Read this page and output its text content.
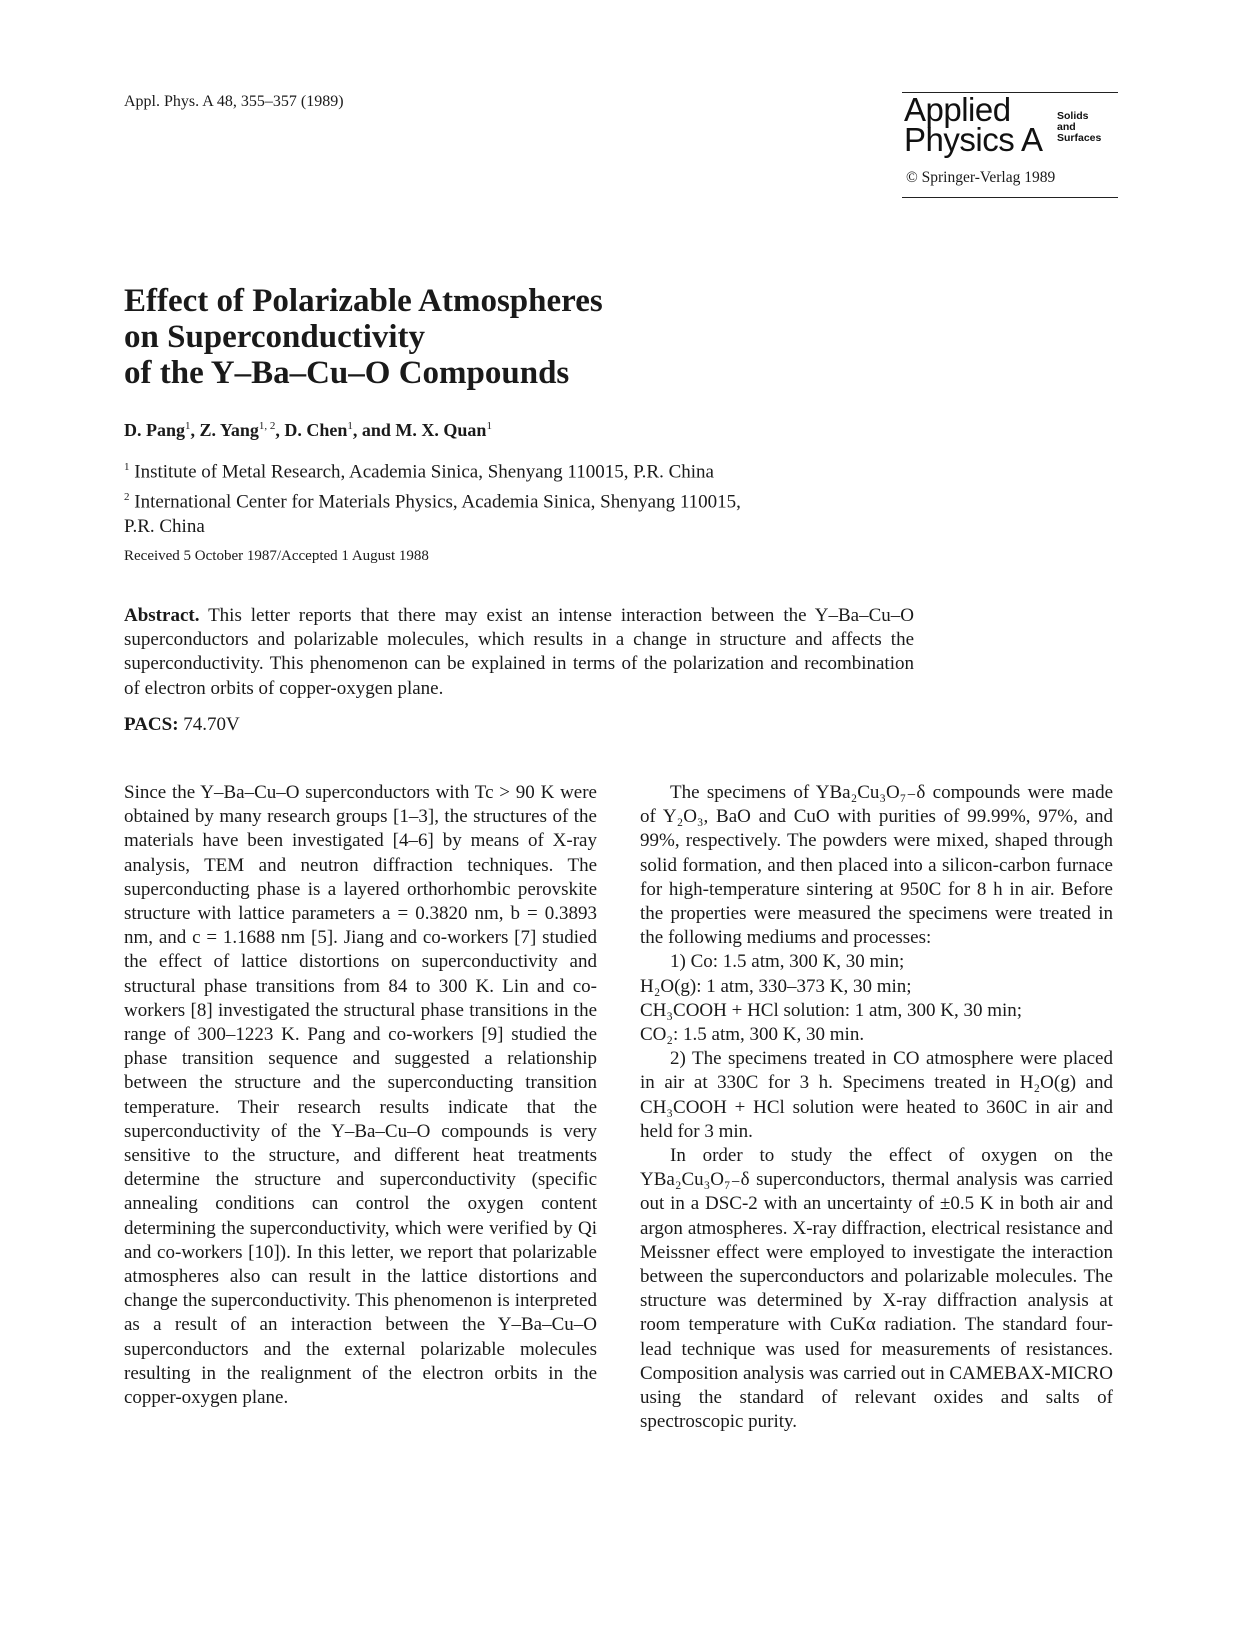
Appl. Phys. A 48, 355–357 (1989)	Applied
Physics A
Solids
and
Surfaces
© Springer-Verlag 1989
Effect of Polarizable Atmospheres
on Superconductivity
of the Y–Ba–Cu–O Compounds
D. Pang$^1$, Z. Yang$^{1, 2}$, D. Chen$^1$, and M. X. Quan$^1$
$^1$ Institute of Metal Research, Academia Sinica, Shenyang 110015, P.R. China
$^2$ International Center for Materials Physics, Academia Sinica, Shenyang 110015,
P.R. China
Received 5 October 1987/Accepted 1 August 1988

Abstract. This letter reports that there may exist an intense interaction between the Y–Ba–Cu–O superconductors and polarizable molecules, which results in a change in structure and affects the superconductivity. This phenomenon can be explained in terms of the polarization and recombination of electron orbits of copper-oxygen plane.

PACS: 74.70V

Since the Y–Ba–Cu–O superconductors with Tc > 90 K were obtained by many research groups [1–3], the structures of the materials have been investigated [4–6] by means of X-ray analysis, TEM and neutron diffraction techniques. The superconducting phase is a layered orthorhombic perovskite structure with lattice parameters a = 0.3820 nm, b = 0.3893 nm, and c = 1.1688 nm [5]. Jiang and co-workers [7] studied the effect of lattice distortions on superconductivity and structural phase transitions from 84 to 300 K. Lin and co-workers [8] investigated the structural phase transitions in the range of 300–1223 K. Pang and co-workers [9] studied the phase transition sequence and suggested a relationship between the structure and the superconducting transition temperature. Their research results indicate that the superconductivity of the Y–Ba–Cu–O compounds is very sensitive to the structure, and different heat treatments determine the structure and superconductivity (specific annealing conditions can control the oxygen content determining the superconductivity, which were verified by Qi and co-workers [10]). In this letter, we report that polarizable atmospheres also can result in the lattice distortions and change the superconductivity. This phenomenon is interpreted as a result of an interaction between the Y–Ba–Cu–O superconductors and the external polarizable molecules resulting in the realignment of the electron orbits in the copper-oxygen plane.

The specimens of YBa₂Cu₃O₇₋δ compounds were made of Y₂O₃, BaO and CuO with purities of 99.99%, 97%, and 99%, respectively. The powders were mixed, shaped through solid formation, and then placed into a silicon-carbon furnace for high-temperature sintering at 950C for 8 h in air. Before the properties were measured the specimens were treated in the following mediums and processes:

1) Co: 1.5 atm, 300 K, 30 min;

H₂O(g): 1 atm, 330–373 K, 30 min;

CH₃COOH + HCl solution: 1 atm, 300 K, 30 min;

CO₂: 1.5 atm, 300 K, 30 min.

2) The specimens treated in CO atmosphere were placed in air at 330C for 3 h. Specimens treated in H₂O(g) and CH₃COOH + HCl solution were heated to 360C in air and held for 3 min.

In order to study the effect of oxygen on the YBa₂Cu₃O₇₋δ superconductors, thermal analysis was carried out in a DSC-2 with an uncertainty of ±0.5 K in both air and argon atmospheres. X-ray diffraction, electrical resistance and Meissner effect were employed to investigate the interaction between the superconductors and polarizable molecules. The structure was determined by X-ray diffraction analysis at room temperature with CuKα radiation. The standard four-lead technique was used for measurements of resistances. Composition analysis was carried out in CAMEBAX-MICRO using the standard of relevant oxides and salts of spectroscopic purity.
